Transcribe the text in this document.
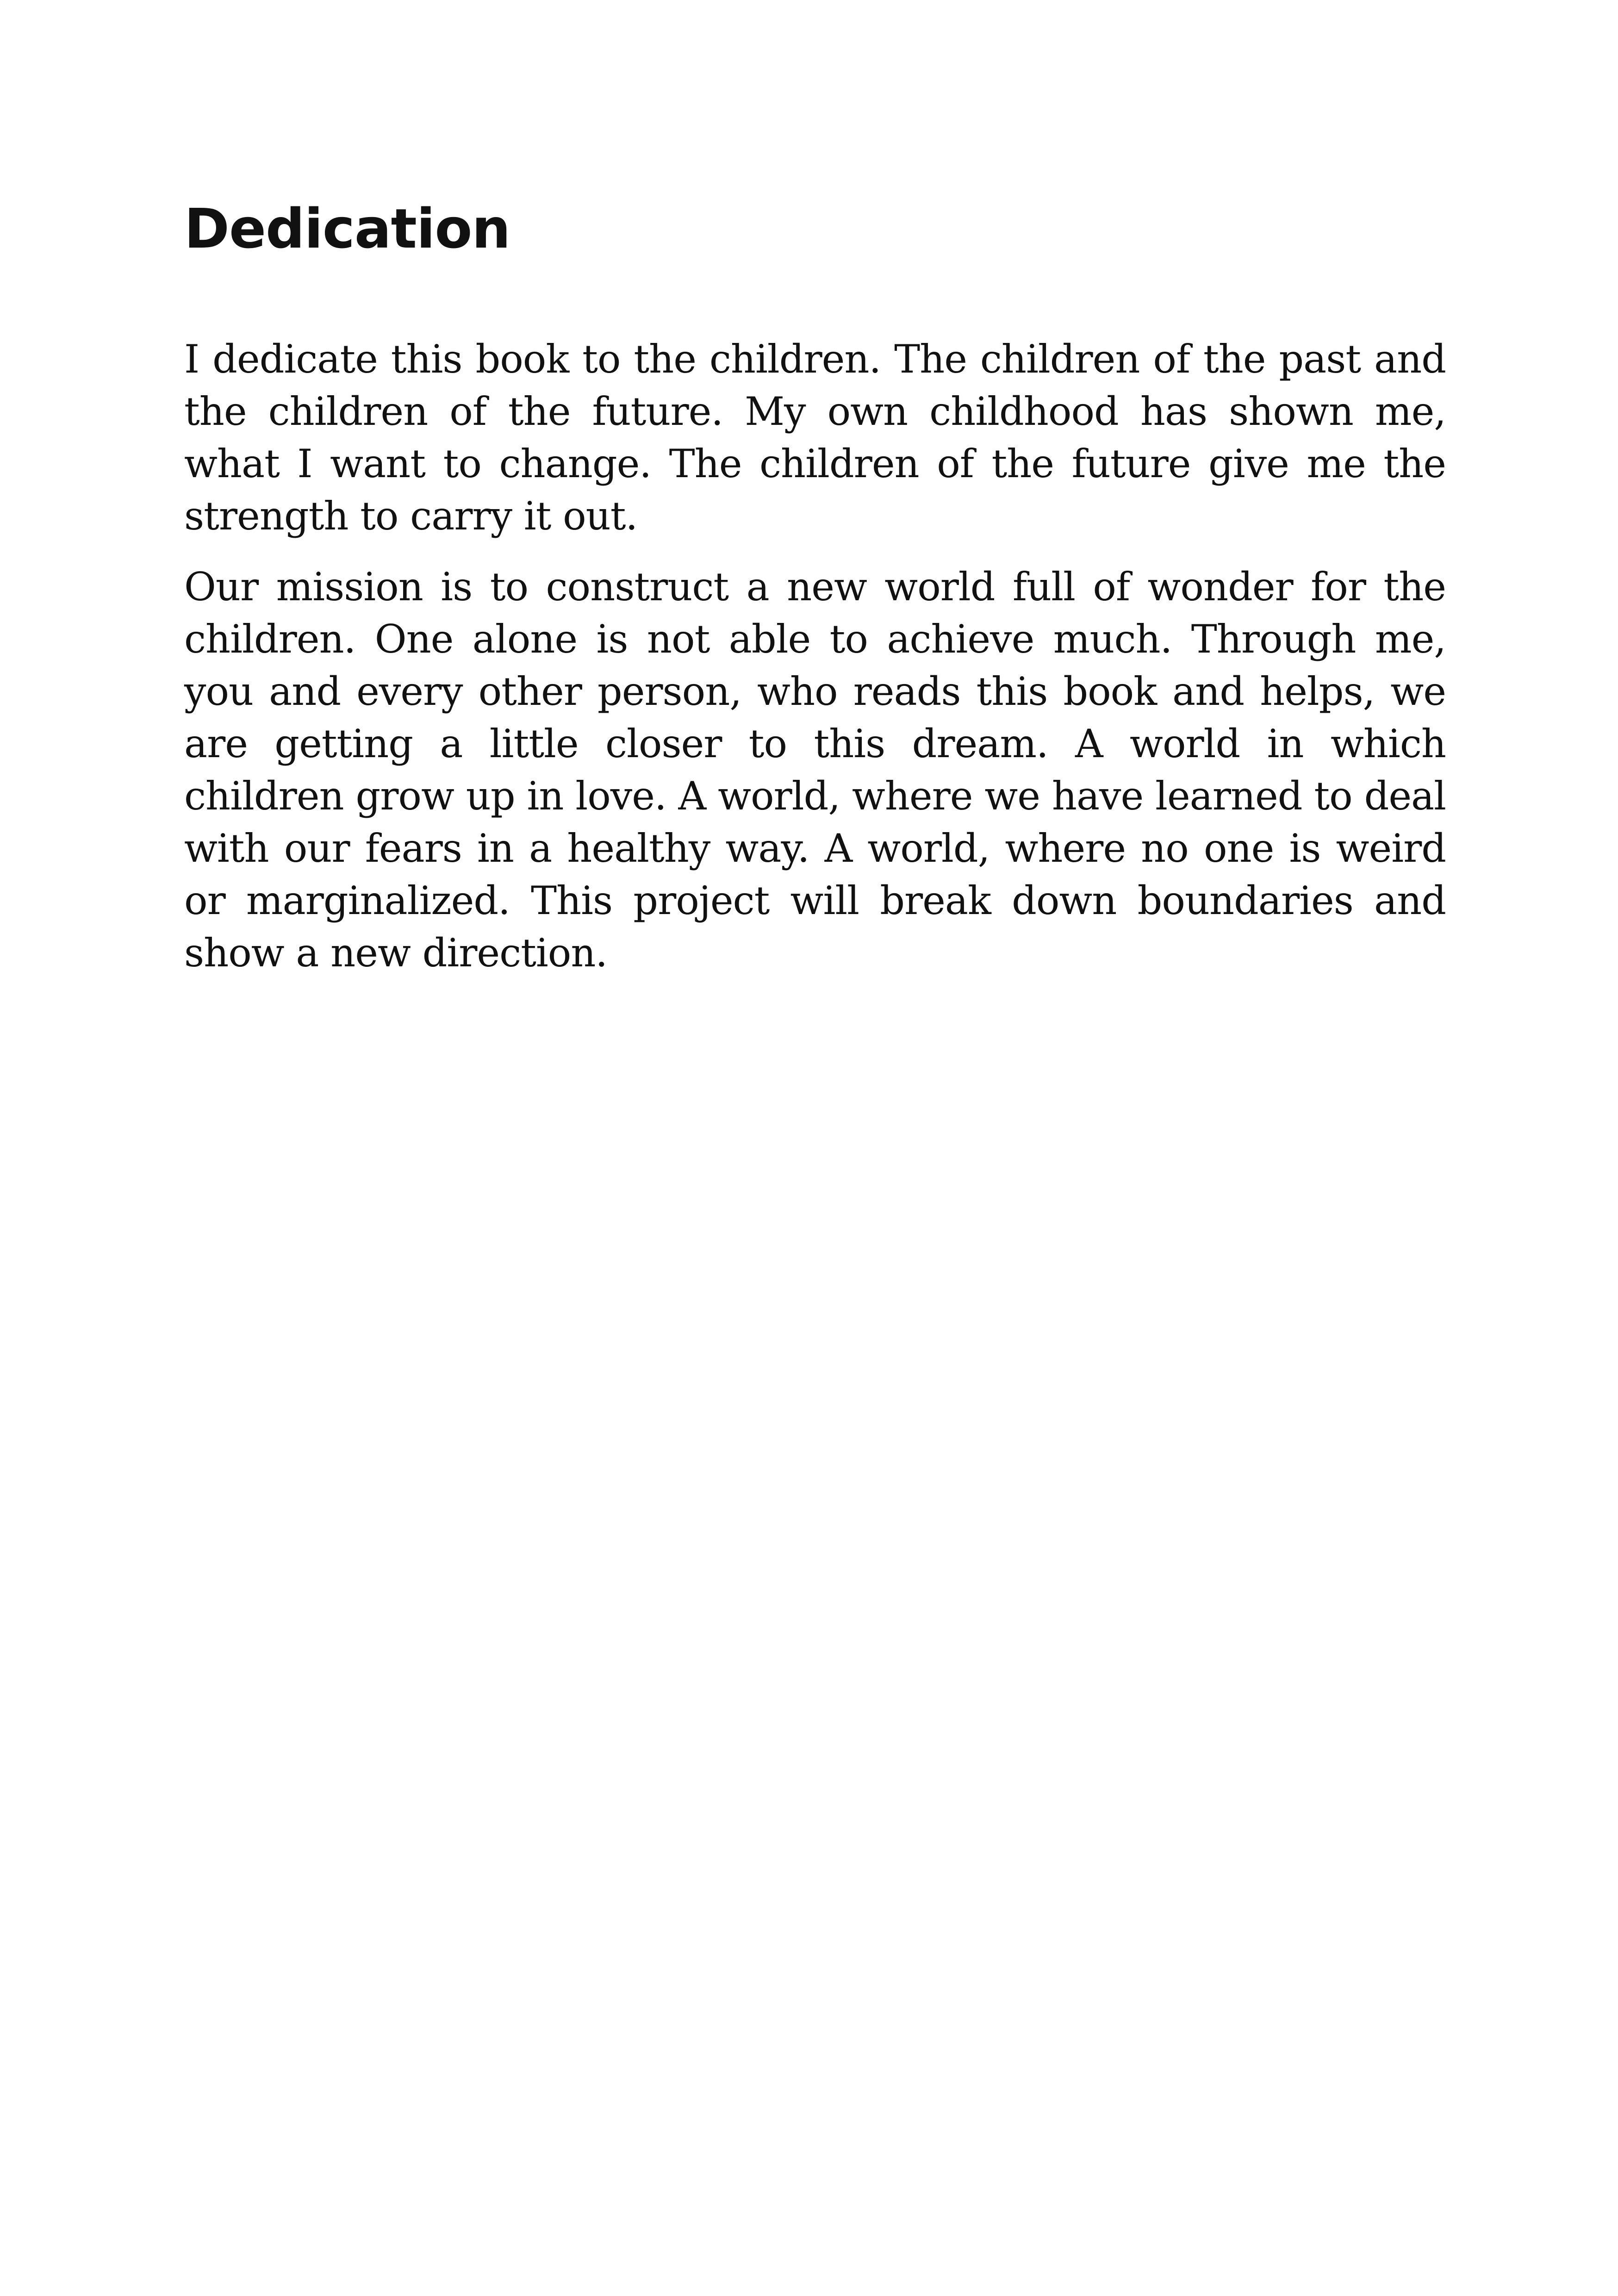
Dedication

I dedicate this book to the children. The children of the past and the children of the future. My own childhood has shown me, what I want to change. The children of the future give me the strength to carry it out.

Our mission is to construct a new world full of wonder for the children. One alone is not able to achieve much. Through me, you and every other person, who reads this book and helps, we are getting a little closer to this dream. A world in which children grow up in love. A world, where we have learned to deal with our fears in a healthy way. A world, where no one is weird or marginalized. This project will break down boundaries and show a new direction.
